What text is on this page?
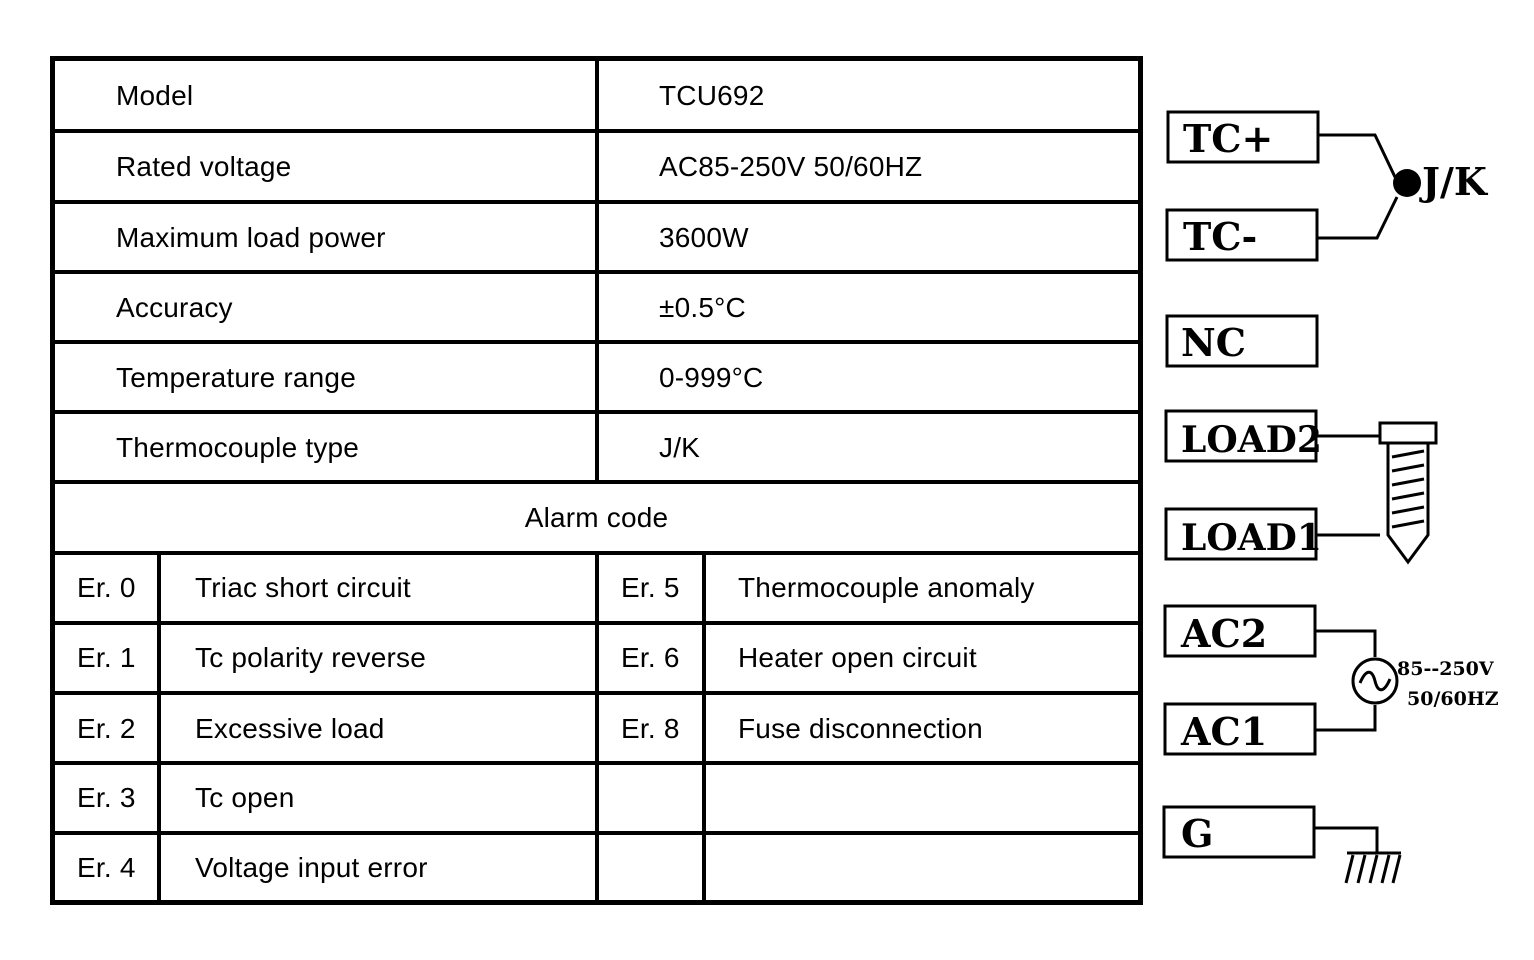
Model	TCU692
Rated voltage	AC85-250V 50/60HZ
Maximum load power	3600W
Accuracy	±0.5°C
Temperature range	0-999°C
Thermocouple type	J/K
Alarm code
Er. 0 Triac short circuit	Er. 5 Thermocouple anomaly
Er. 1 Tc polarity reverse	Er. 6 Heater open circuit
Er. 2 Excessive load	Er. 8 Fuse disconnection
Er. 3 Tc open
Er. 4 Voltage input error
TC+
TC-
NC
LOAD2
LOAD1
AC2
AC1
G
J/K
85--250V
50/60HZ
